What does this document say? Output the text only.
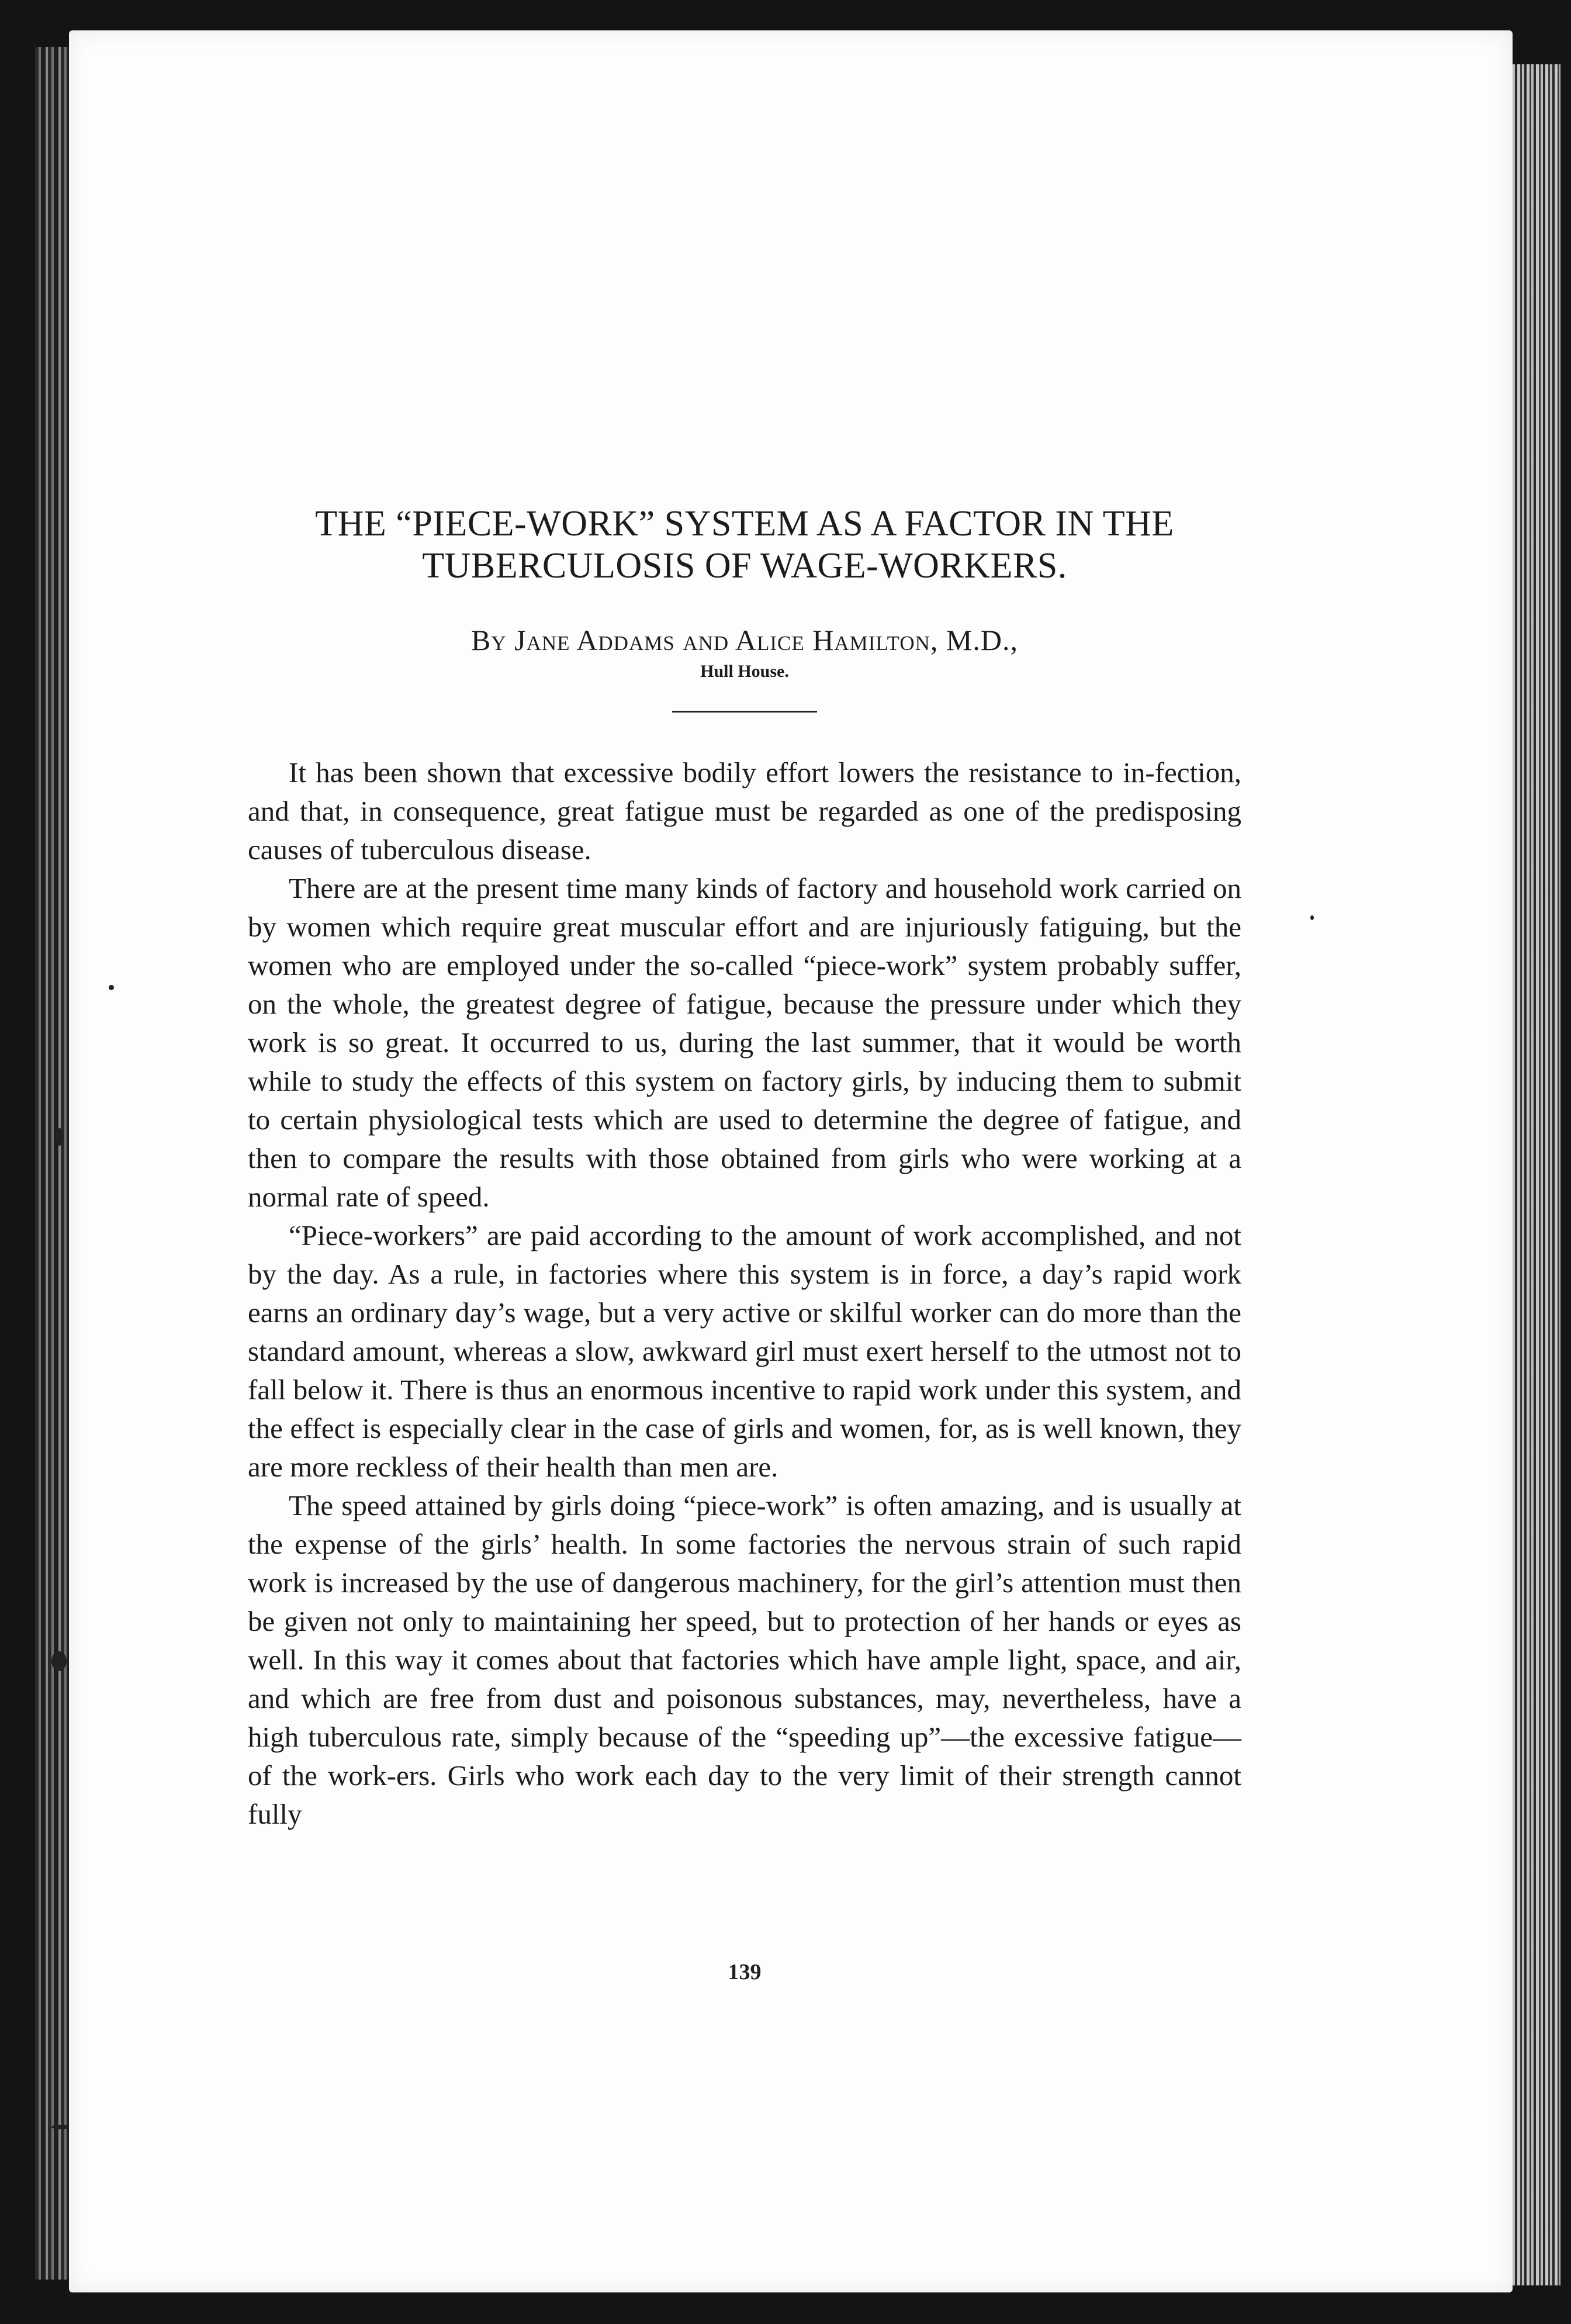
THE “PIECE-WORK” SYSTEM AS A FACTOR IN THE
TUBERCULOSIS OF WAGE-WORKERS.
By Jane Addams and Alice Hamilton, M.D.,
Hull House.

It has been shown that excessive bodily effort lowers the resistance to in-fection, and that, in consequence, great fatigue must be regarded as one of the predisposing causes of tuberculous disease.

There are at the present time many kinds of factory and household work carried on by women which require great muscular effort and are injuriously fatiguing, but the women who are employed under the so-called “piece-work” system probably suffer, on the whole, the greatest degree of fatigue, because the pressure under which they work is so great. It occurred to us, during the last summer, that it would be worth while to study the effects of this system on factory girls, by inducing them to submit to certain physiological tests which are used to determine the degree of fatigue, and then to compare the results with those obtained from girls who were working at a normal rate of speed.

“Piece-workers” are paid according to the amount of work accomplished, and not by the day. As a rule, in factories where this system is in force, a day’s rapid work earns an ordinary day’s wage, but a very active or skilful worker can do more than the standard amount, whereas a slow, awkward girl must exert herself to the utmost not to fall below it. There is thus an enormous incentive to rapid work under this system, and the effect is especially clear in the case of girls and women, for, as is well known, they are more reckless of their health than men are.

The speed attained by girls doing “piece-work” is often amazing, and is usually at the expense of the girls’ health. In some factories the nervous strain of such rapid work is increased by the use of dangerous machinery, for the girl’s attention must then be given not only to maintaining her speed, but to protection of her hands or eyes as well. In this way it comes about that factories which have ample light, space, and air, and which are free from dust and poisonous substances, may, nevertheless, have a high tuberculous rate, simply because of the “speeding up”—the excessive fatigue—of the work-ers. Girls who work each day to the very limit of their strength cannot fully

139
